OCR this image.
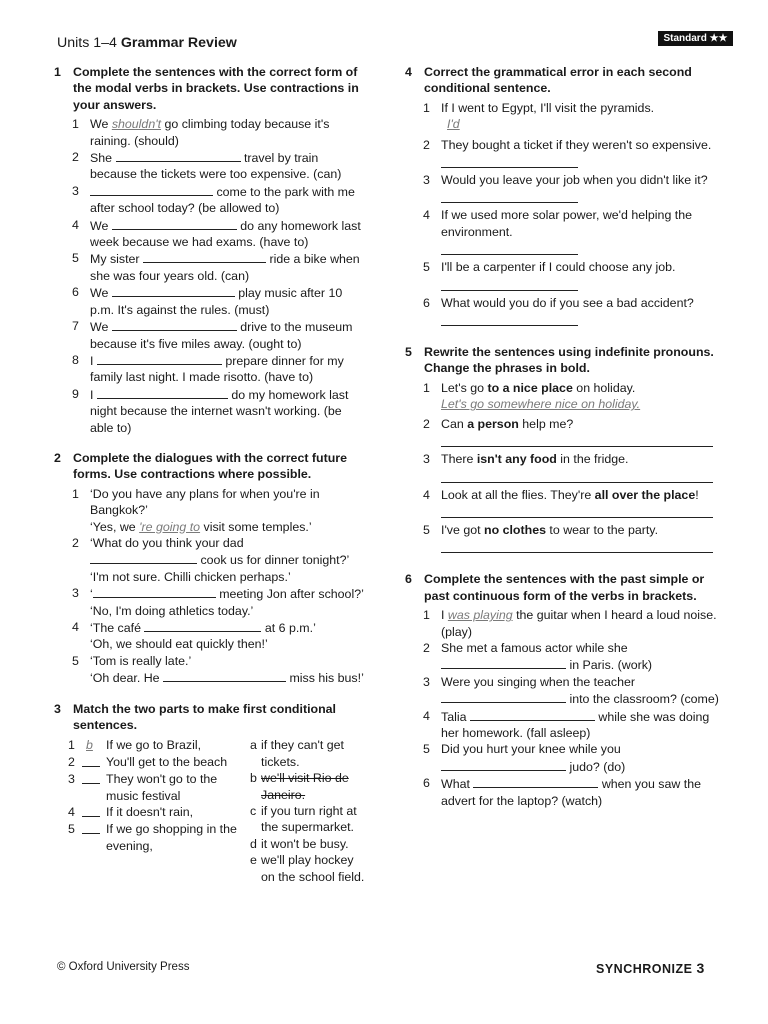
Units 1–4 Grammar Review	Standard ★★
1 Complete the sentences with the correct form of the modal verbs in brackets. Use contractions in your answers.
1 We shouldn't go climbing today because it's raining. (should)
2 She	travel by train because the tickets were too expensive. (can)
3	come to the park with me after school today? (be allowed to)
4 We	do any homework last week because we had exams. (have to)
5 My sister	ride a bike when she was four years old. (can)
6 We	play music after 10 p.m. It's against the rules. (must)
7 We	drive to the museum because it's five miles away. (ought to)
8 I	prepare dinner for my family last night. I made risotto. (have to)
9 I	do my homework last night because the internet wasn't working. (be able to)
2 Complete the dialogues with the correct future forms. Use contractions where possible.
1 ‘Do you have any plans for when you're in Bangkok?’
‘Yes, we 're going to visit some temples.’
2 ‘What do you think your dad
cook us for dinner tonight?’
‘I'm not sure. Chilli chicken perhaps.’
3 ‘	meeting Jon after school?’
‘No, I'm doing athletics today.’
4 ‘The café	at 6 p.m.’
‘Oh, we should eat quickly then!’
5 ‘Tom is really late.’
‘Oh dear. He	miss his bus!’
3 Match the two parts to make first conditional sentences.
1 b	If we go to Brazil,
2	You'll get to the beach
3	They won't go to the music festival
4	If it doesn't rain,
5	If we go shopping in the evening,
a if they can't get tickets.
b we'll visit Rio de Janeiro.
c if you turn right at the supermarket.
d it won't be busy.
e we'll play hockey on the school field.
4 Correct the grammatical error in each second conditional sentence.
1 If I went to Egypt, I'll visit the pyramids.
I'd
2 They bought a ticket if they weren't so expensive.
3 Would you leave your job when you didn't like it?
4 If we used more solar power, we'd helping the environment.
5 I'll be a carpenter if I could choose any job.
6 What would you do if you see a bad accident?
5 Rewrite the sentences using indefinite pronouns. Change the phrases in bold.
1 Let's go to a nice place on holiday.
Let's go somewhere nice on holiday.
2 Can a person help me?
3 There isn't any food in the fridge.
4 Look at all the flies. They're all over the place!
5 I've got no clothes to wear to the party.
6 Complete the sentences with the past simple or past continuous form of the verbs in brackets.
1 I was playing the guitar when I heard a loud noise. (play)
2 She met a famous actor while she  in Paris. (work)
3 Were you singing when the teacher  into the classroom? (come)
4 Talia	while she was doing her homework. (fall asleep)
5 Did you hurt your knee while you  judo? (do)
6 What	when you saw the advert for the laptop? (watch)
© Oxford University Press	SYNCHRONIZE 3
